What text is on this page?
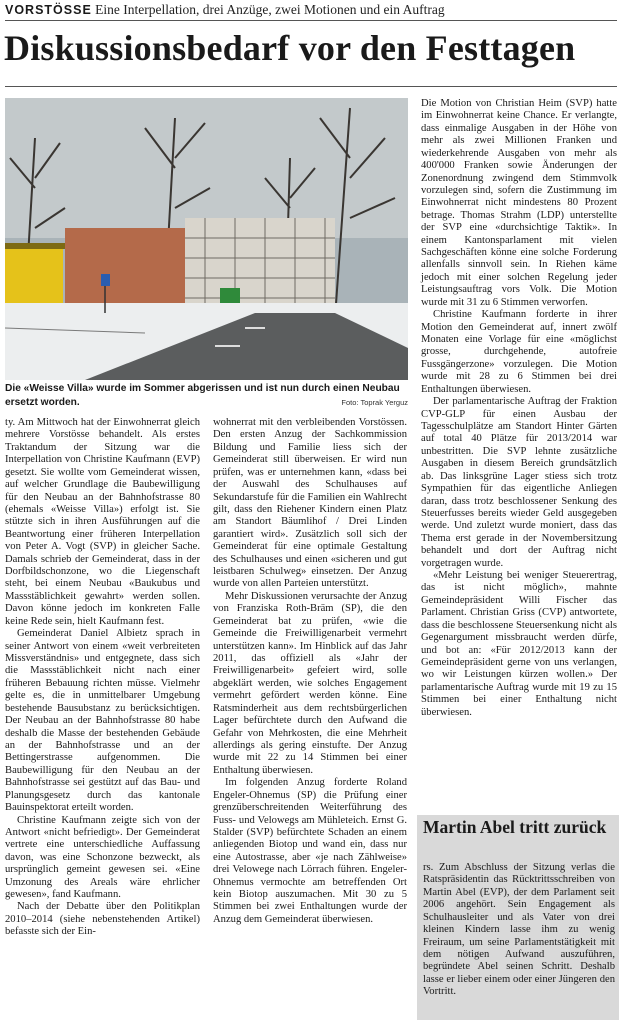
VORSTÖSSE Eine Interpellation, drei Anzüge, zwei Motionen und ein Auftrag
Diskussionsbedarf vor den Festtagen
Die «Weisse Villa» wurde im Sommer abgerissen und ist nun durch einen Neubau ersetzt worden.	Foto: Toprak Yerguz

ty. Am Mittwoch hat der Einwohnerrat gleich mehrere Vorstösse behandelt. Als erstes Traktandum der Sitzung war die Interpellation von Christine Kaufmann (EVP) gesetzt. Sie wollte vom Gemeinderat wissen, auf welcher Grundlage die Baubewilligung für den Neubau an der Bahnhofstrasse 80 (ehemals «Weisse Villa») erfolgt ist. Sie stützte sich in ihren Ausführungen auf die Beantwortung einer früheren Interpellation von Peter A. Vogt (SVP) in gleicher Sache. Damals schrieb der Gemeinderat, dass in der Dorfbildschonzone, wo die Liegenschaft steht, bei einem Neubau «Baukubus und Massstäblichkeit gewahrt» werden sollen. Davon könne jedoch im konkreten Falle keine Rede sein, hielt Kaufmann fest.

Gemeinderat Daniel Albietz sprach in seiner Antwort von einem «weit verbreiteten Missverständnis» und entgegnete, dass sich die Massstäblichkeit nicht nach einer früheren Bebauung richten müsse. Vielmehr gelte es, die in unmittelbarer Umgebung bestehende Bausubstanz zu berücksichtigen. Der Neubau an der Bahnhofstrasse 80 habe deshalb die Masse der bestehenden Gebäude an der Bahnhofstrasse und an der Bettingerstrasse aufgenommen. Die Baubewilligung für den Neubau an der Bahnhofstrasse sei gestützt auf das Bau- und Planungsgesetz durch das kantonale Bauinspektorat erteilt worden.

Christine Kaufmann zeigte sich von der Antwort «nicht befriedigt». Der Gemeinderat vertrete eine unterschiedliche Auffassung davon, was eine Schonzone bezweckt, als ursprünglich gemeint gewesen sei. «Eine Umzonung des Areals wäre ehrlicher gewesen», fand Kaufmann.

Nach der Debatte über den Politikplan 2010–2014 (siehe nebenstehenden Artikel) befasste sich der Ein-

wohnerrat mit den verbleibenden Vorstössen. Den ersten Anzug der Sachkommission Bildung und Familie liess sich der Gemeinderat still überweisen. Er wird nun prüfen, was er unternehmen kann, «dass bei der Auswahl des Schulhauses auf Sekundarstufe für die Familien ein Wahlrecht gilt, dass den Riehener Kindern einen Platz am Standort Bäumlihof / Drei Linden garantiert wird». Zusätzlich soll sich der Gemeinderat für eine optimale Gestaltung des Schulhauses und einen «sicheren und gut leistbaren Schulweg» einsetzen. Der Anzug wurde von allen Parteien unterstützt.

Mehr Diskussionen verursachte der Anzug von Franziska Roth-Bräm (SP), die den Gemeinderat bat zu prüfen, «wie die Gemeinde die Freiwilligenarbeit vermehrt unterstützen kann». Im Hinblick auf das Jahr 2011, das offiziell als «Jahr der Freiwilligenarbeit» gefeiert wird, solle abgeklärt werden, wie solches Engagement vermehrt gefördert werden könne. Eine Ratsminderheit aus dem rechtsbürgerlichen Lager befürchtete durch den Aufwand die Gefahr von Mehrkosten, die eine Mehrheit allerdings als gering einstufte. Der Anzug wurde mit 22 zu 14 Stimmen bei einer Enthaltung überwiesen.

Im folgenden Anzug forderte Roland Engeler-Ohnemus (SP) die Prüfung einer grenzüberschreitenden Weiterführung des Fuss- und Velowegs am Mühleteich. Ernst G. Stalder (SVP) befürchtete Schaden an einem anliegenden Biotop und wand ein, dass nur eine Autostrasse, aber «je nach Zählweise» drei Velowege nach Lörrach führen. Engeler-Ohnemus vermochte am betreffenden Ort kein Biotop auszumachen. Mit 30 zu 5 Stimmen bei zwei Enthaltungen wurde der Anzug dem Gemeinderat überwiesen.

Die Motion von Christian Heim (SVP) hatte im Einwohnerrat keine Chance. Er verlangte, dass einmalige Ausgaben in der Höhe von mehr als zwei Millionen Franken und wiederkehrende Ausgaben von mehr als 400'000 Franken sowie Änderungen der Zonenordnung zwingend dem Stimmvolk vorzulegen sind, sofern die Zustimmung im Einwohnerrat nicht mindestens 80 Prozent betrage. Thomas Strahm (LDP) unterstellte der SVP eine «durchsichtige Taktik». In einem Kantonsparlament mit vielen Sachgeschäften könne eine solche Forderung allenfalls sinnvoll sein. In Riehen käme jedoch mit einer solchen Regelung jeder Leistungsauftrag vors Volk. Die Motion wurde mit 31 zu 6 Stimmen verworfen.

Christine Kaufmann forderte in ihrer Motion den Gemeinderat auf, innert zwölf Monaten eine Vorlage für eine «möglichst grosse, durchgehende, autofreie Fussgängerzone» vorzulegen. Die Motion wurde mit 28 zu 6 Stimmen bei drei Enthaltungen überwiesen.

Der parlamentarische Auftrag der Fraktion CVP-GLP für einen Ausbau der Tagesschulplätze am Standort Hinter Gärten auf total 40 Plätze für 2013/2014 war unbestritten. Die SVP lehnte zusätzliche Ausgaben in diesem Bereich grundsätzlich ab. Das linksgrüne Lager stiess sich trotz Sympathien für das eigentliche Anliegen daran, dass trotz beschlossener Senkung des Steuerfusses bereits wieder Geld ausgegeben werde. Und zuletzt wurde moniert, dass das Thema erst gerade in der Novembersitzung behandelt und dort der Auftrag nicht vorgetragen wurde.

«Mehr Leistung bei weniger Steuerertrag, das ist nicht möglich», mahnte Gemeindepräsident Willi Fischer das Parlament. Christian Griss (CVP) antwortete, dass die beschlossene Steuersenkung nicht als Gegenargument missbraucht werden dürfe, und bot an: «Für 2012/2013 kann der Gemeindepräsident gerne von uns verlangen, wo wir Leistungen kürzen wollen.» Der parlamentarische Auftrag wurde mit 19 zu 15 Stimmen bei einer Enthaltung nicht überwiesen.

Martin Abel tritt zurück
rs. Zum Abschluss der Sitzung verlas die Ratspräsidentin das Rücktrittsschreiben von Martin Abel (EVP), der dem Parlament seit 2006 angehört. Sein Engagement als Schulhausleiter und als Vater von drei kleinen Kindern lasse ihm zu wenig Freiraum, um seine Parlamentstätigkeit mit dem nötigen Aufwand auszuführen, begründete Abel seinen Schritt. Deshalb lasse er lieber einem oder einer Jüngeren den Vortritt.
